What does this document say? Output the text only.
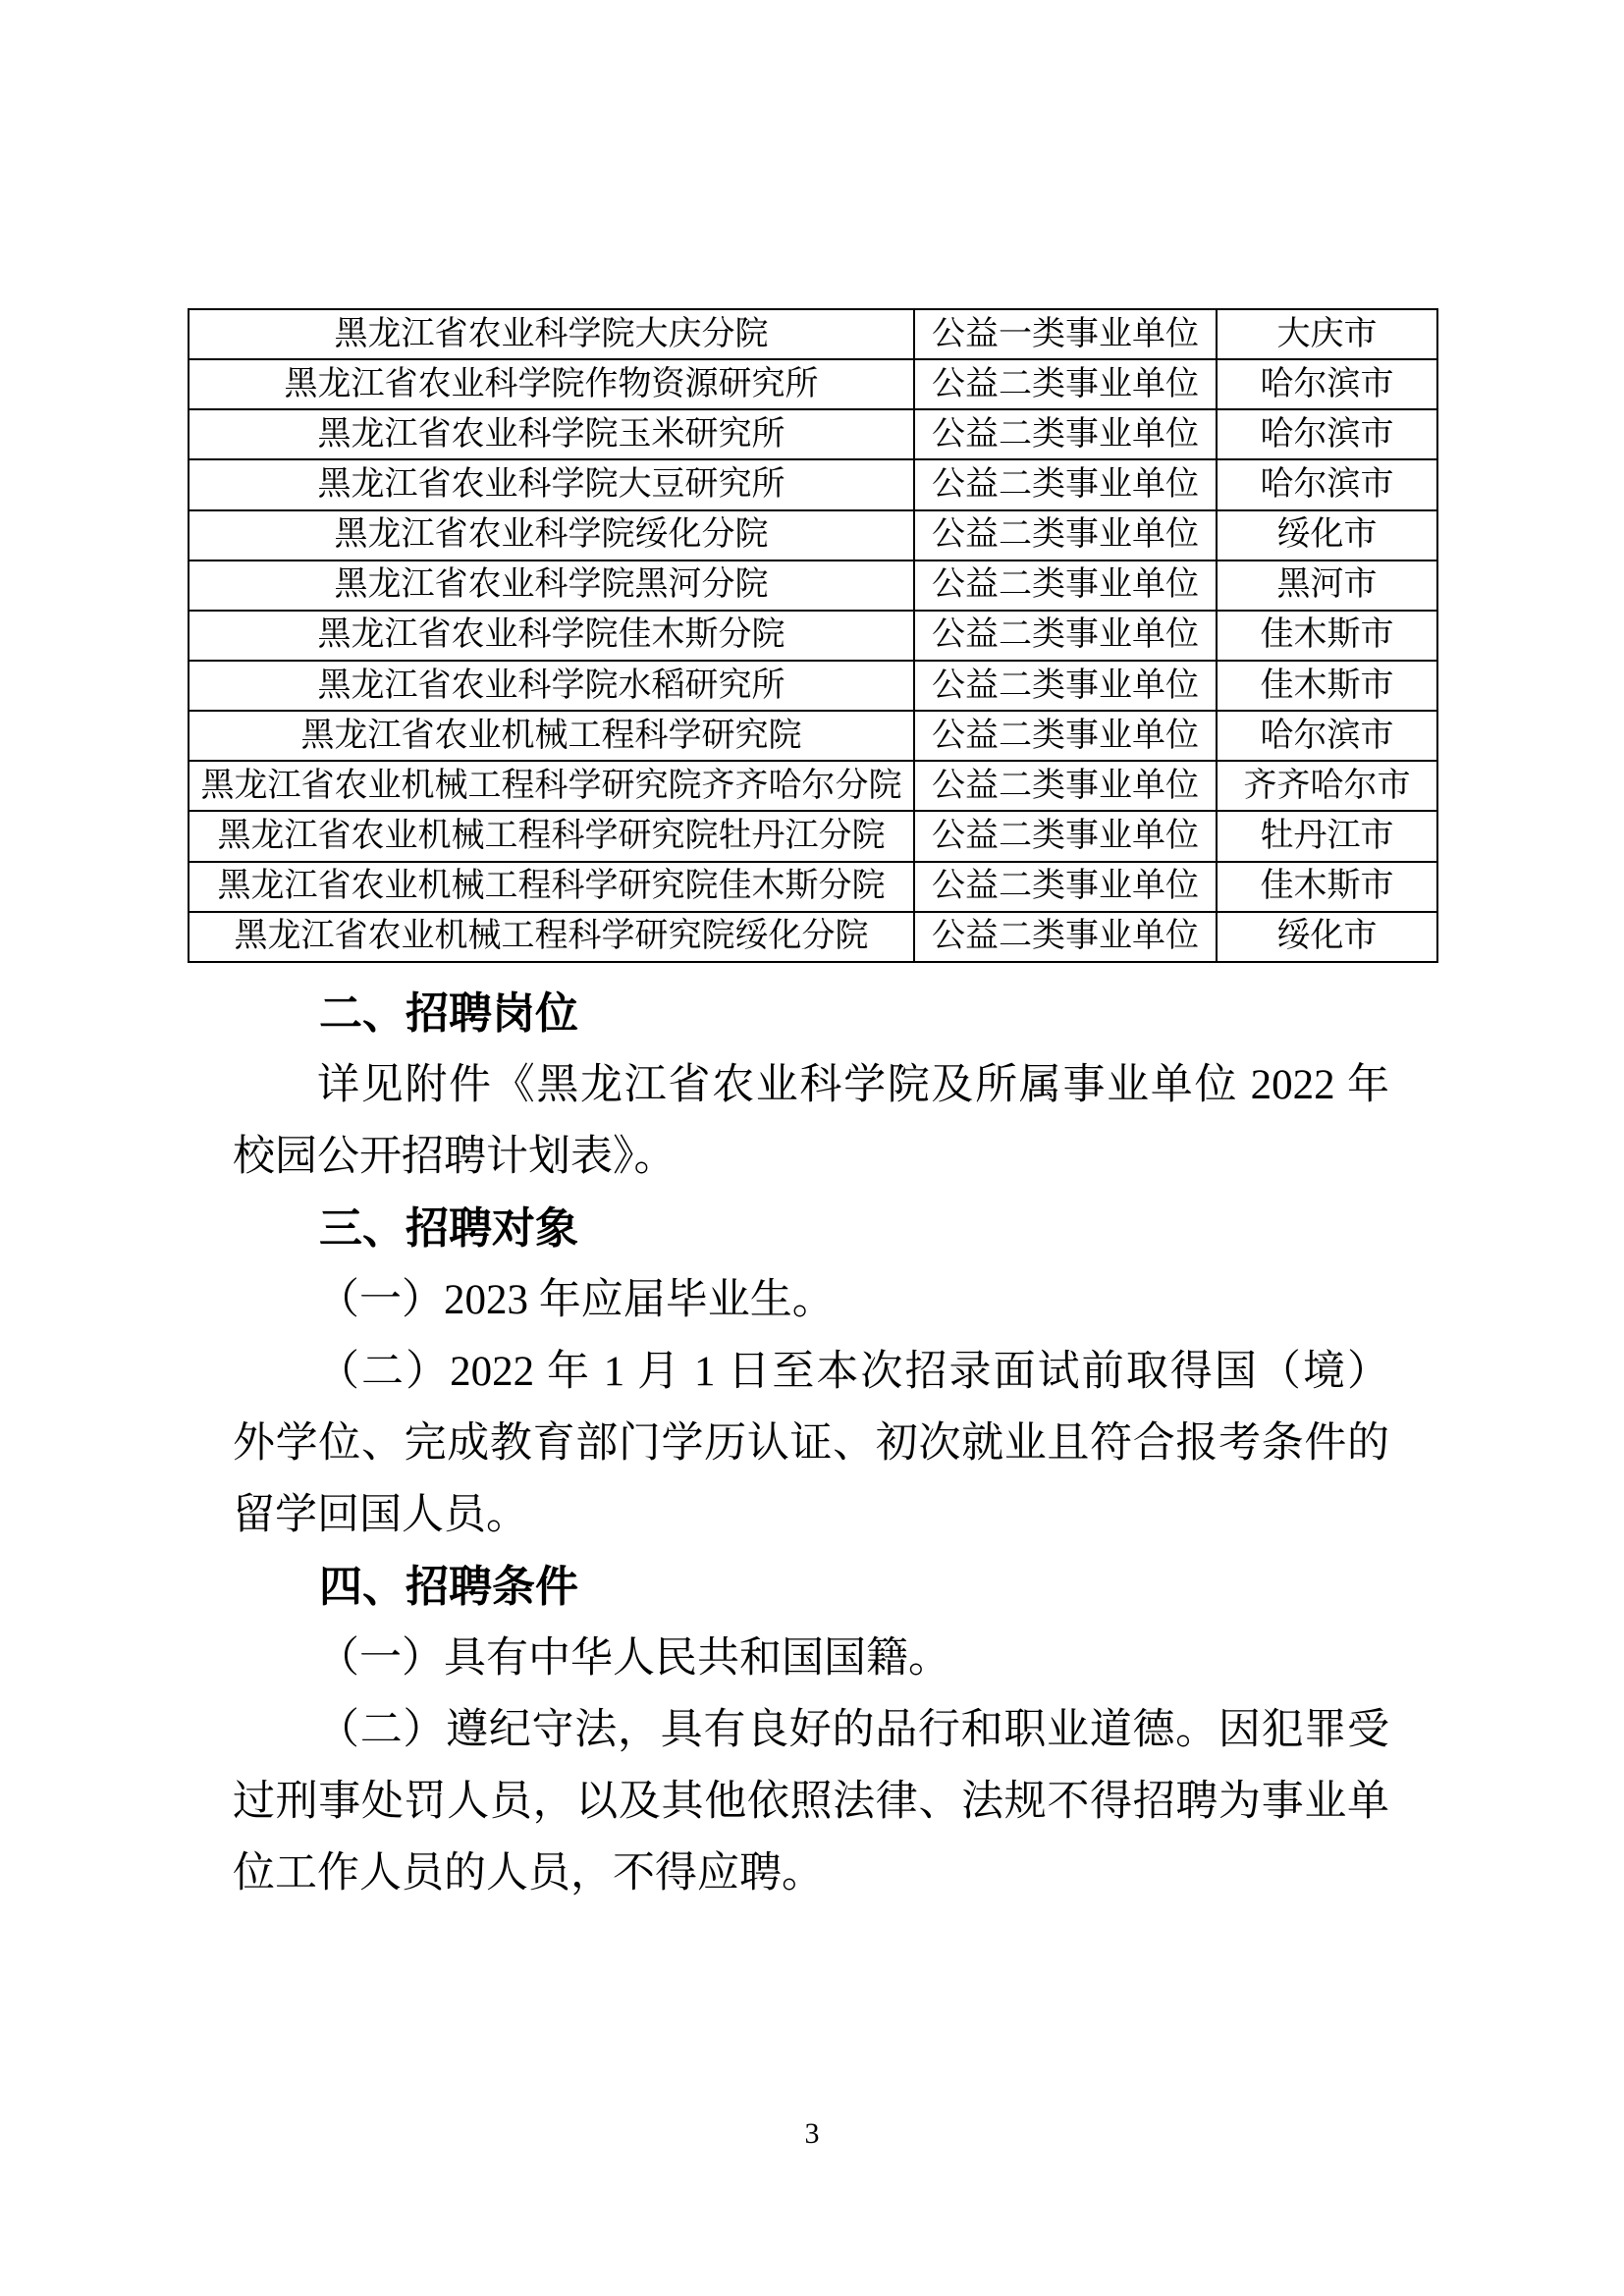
黑龙江省农业科学院大庆分院	公益一类事业单位	大庆市
黑龙江省农业科学院作物资源研究所	公益二类事业单位	哈尔滨市
黑龙江省农业科学院玉米研究所	公益二类事业单位	哈尔滨市
黑龙江省农业科学院大豆研究所	公益二类事业单位	哈尔滨市
黑龙江省农业科学院绥化分院	公益二类事业单位	绥化市
黑龙江省农业科学院黑河分院	公益二类事业单位	黑河市
黑龙江省农业科学院佳木斯分院	公益二类事业单位	佳木斯市
黑龙江省农业科学院水稻研究所	公益二类事业单位	佳木斯市
黑龙江省农业机械工程科学研究院	公益二类事业单位	哈尔滨市
黑龙江省农业机械工程科学研究院齐齐哈尔分院	公益二类事业单位	齐齐哈尔市
黑龙江省农业机械工程科学研究院牡丹江分院	公益二类事业单位	牡丹江市
黑龙江省农业机械工程科学研究院佳木斯分院	公益二类事业单位	佳木斯市
黑龙江省农业机械工程科学研究院绥化分院	公益二类事业单位	绥化市
二、招聘岗位
详见附件《黑龙江省农业科学院及所属事业单位 2022 年
校园公开招聘计划表》。
三、招聘对象
（一）2023 年应届毕业生。
（二）2022 年 1 月 1 日至本次招录面试前取得国（境）
外学位、完成教育部门学历认证、初次就业且符合报考条件的
留学回国人员。
四、招聘条件
（一）具有中华人民共和国国籍。
（二）遵纪守法，具有良好的品行和职业道德。因犯罪受
过刑事处罚人员，以及其他依照法律、法规不得招聘为事业单
位工作人员的人员，不得应聘。
3
